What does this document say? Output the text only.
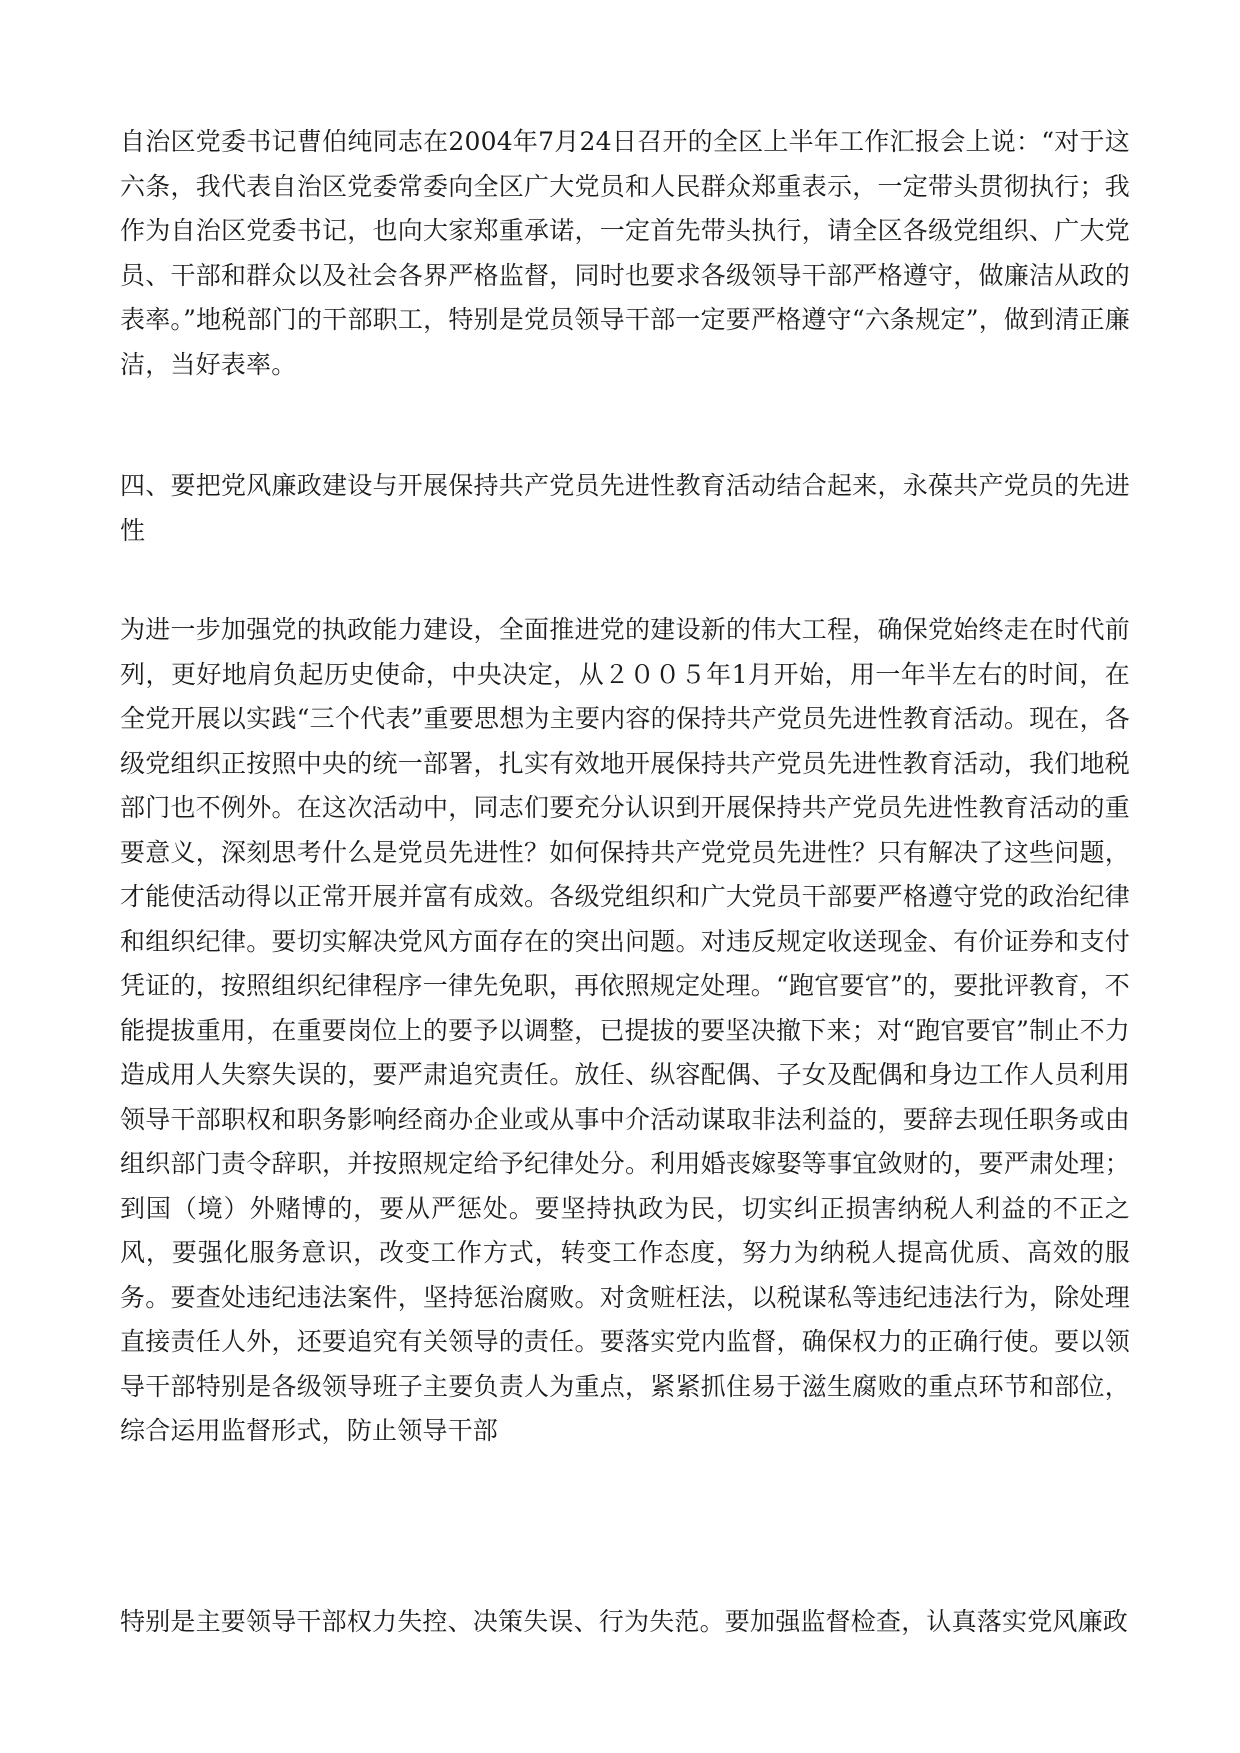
自治区党委书记曹伯纯同志在2004年7月24日召开的全区上半年工作汇报会上说：“对于这六条，我代表自治区党委常委向全区广大党员和人民群众郑重表示，一定带头贯彻执行；我作为自治区党委书记，也向大家郑重承诺，一定首先带头执行，请全区各级党组织、广大党员、干部和群众以及社会各界严格监督，同时也要求各级领导干部严格遵守，做廉洁从政的表率。”地税部门的干部职工，特别是党员领导干部一定要严格遵守“六条规定”，做到清正廉洁，当好表率。

四、要把党风廉政建设与开展保持共产党员先进性教育活动结合起来，永葆共产党员的先进性

为进一步加强党的执政能力建设，全面推进党的建设新的伟大工程，确保党始终走在时代前列，更好地肩负起历史使命，中央决定，从２００５年1月开始，用一年半左右的时间，在全党开展以实践“三个代表”重要思想为主要内容的保持共产党员先进性教育活动。现在，各级党组织正按照中央的统一部署，扎实有效地开展保持共产党员先进性教育活动，我们地税部门也不例外。在这次活动中，同志们要充分认识到开展保持共产党员先进性教育活动的重要意义，深刻思考什么是党员先进性？如何保持共产党党员先进性？只有解决了这些问题，才能使活动得以正常开展并富有成效。各级党组织和广大党员干部要严格遵守党的政治纪律和组织纪律。要切实解决党风方面存在的突出问题。对违反规定收送现金、有价证券和支付凭证的，按照组织纪律程序一律先免职，再依照规定处理。“跑官要官”的，要批评教育，不能提拔重用，在重要岗位上的要予以调整，已提拔的要坚决撤下来；对“跑官要官”制止不力造成用人失察失误的，要严肃追究责任。放任、纵容配偶、子女及配偶和身边工作人员利用领导干部职权和职务影响经商办企业或从事中介活动谋取非法利益的，要辞去现任职务或由组织部门责令辞职，并按照规定给予纪律处分。利用婚丧嫁娶等事宜敛财的，要严肃处理；到国（境）外赌博的，要从严惩处。要坚持执政为民，切实纠正损害纳税人利益的不正之风，要强化服务意识，改变工作方式，转变工作态度，努力为纳税人提高优质、高效的服务。要查处违纪违法案件，坚持惩治腐败。对贪赃枉法，以税谋私等违纪违法行为，除处理直接责任人外，还要追究有关领导的责任。要落实党内监督，确保权力的正确行使。要以领导干部特别是各级领导班子主要负责人为重点，紧紧抓住易于滋生腐败的重点环节和部位，综合运用监督形式，防止领导干部

特别是主要领导干部权力失控、决策失误、行为失范。要加强监督检查，认真落实党风廉政
